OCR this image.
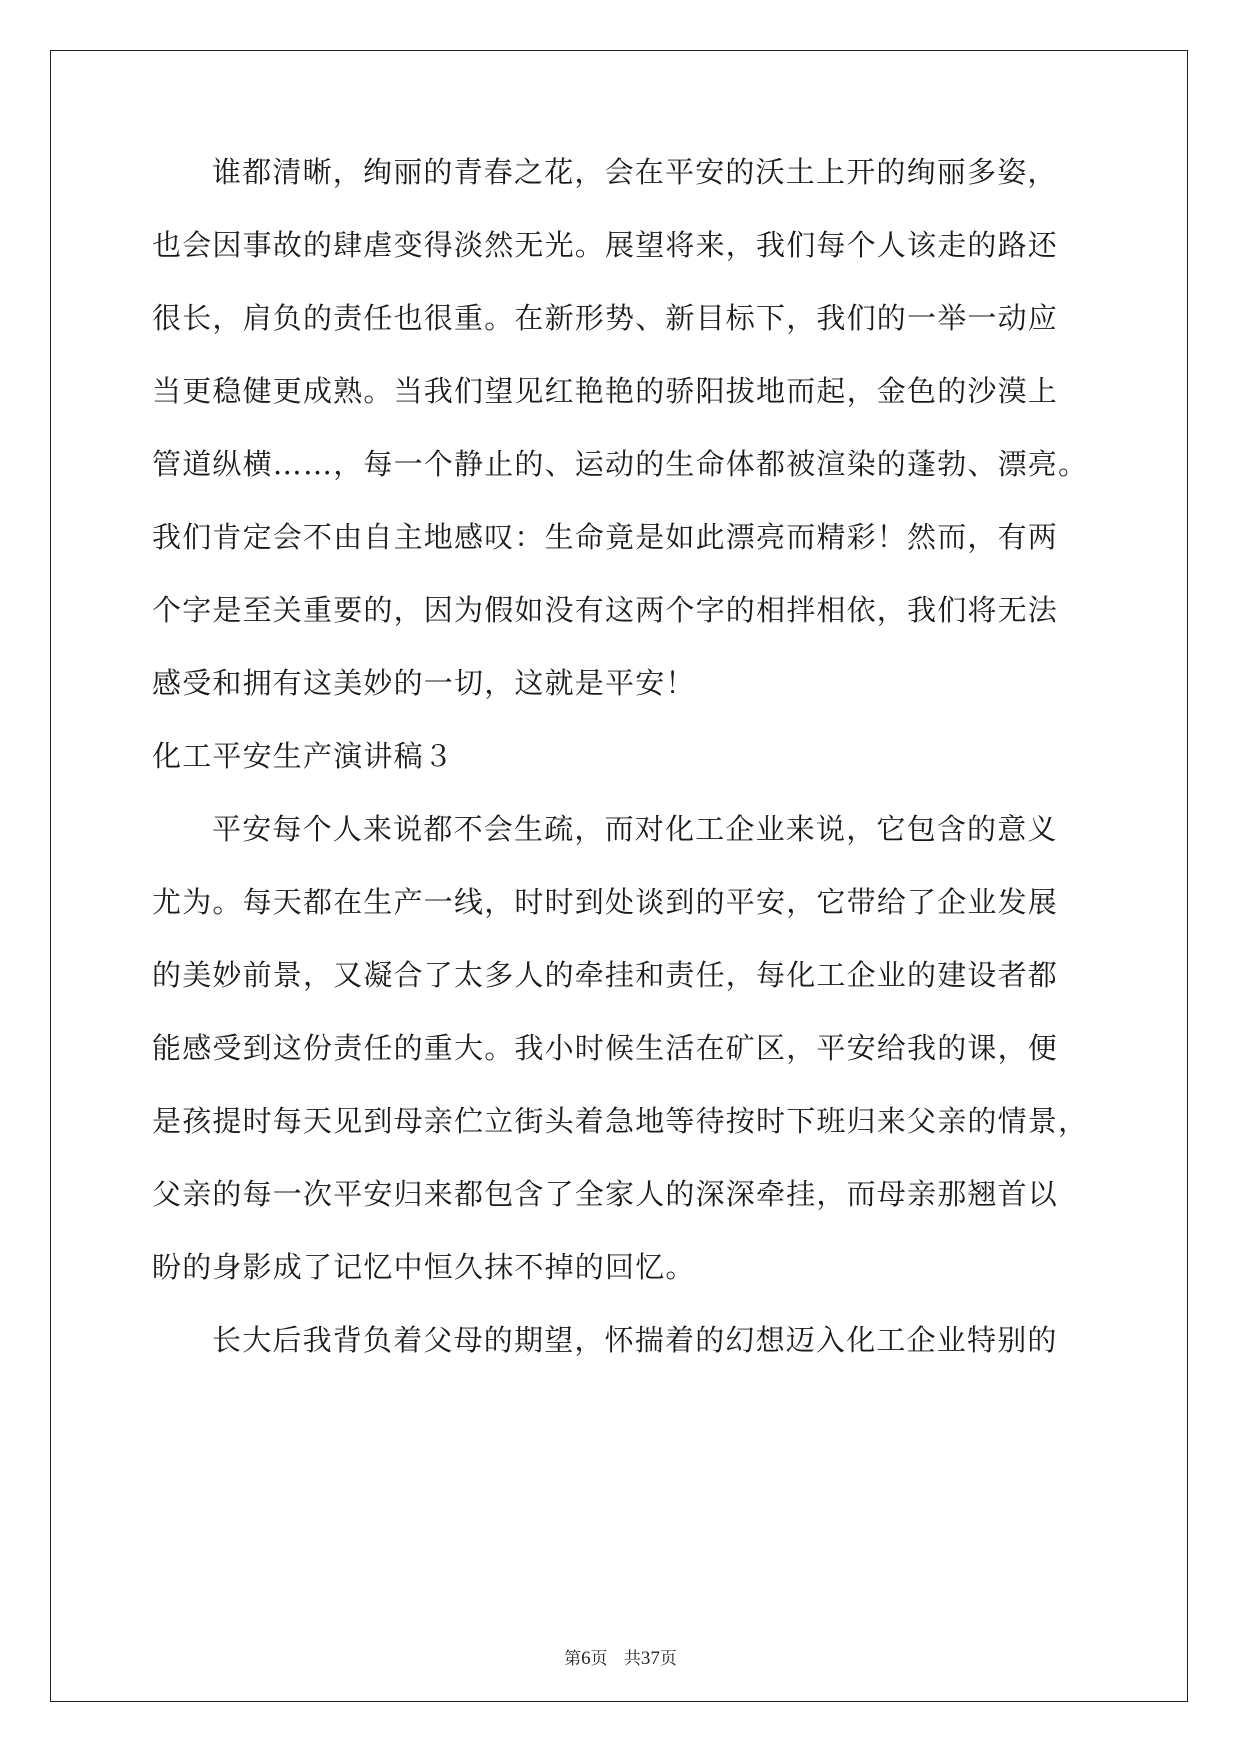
谁都清晰，绚丽的青春之花，会在平安的沃土上开的绚丽多姿，
也会因事故的肆虐变得淡然无光。展望将来，我们每个人该走的路还
很长，肩负的责任也很重。在新形势、新目标下，我们的一举一动应
当更稳健更成熟。当我们望见红艳艳的骄阳拔地而起，金色的沙漠上
管道纵横……，每一个静止的、运动的生命体都被渲染的蓬勃、漂亮。
我们肯定会不由自主地感叹：生命竟是如此漂亮而精彩！然而，有两
个字是至关重要的，因为假如没有这两个字的相拌相依，我们将无法
感受和拥有这美妙的一切，这就是平安！
化工平安生产演讲稿３
平安每个人来说都不会生疏，而对化工企业来说，它包含的意义
尤为。每天都在生产一线，时时到处谈到的平安，它带给了企业发展
的美妙前景，又凝合了太多人的牵挂和责任，每化工企业的建设者都
能感受到这份责任的重大。我小时候生活在矿区，平安给我的课，便
是孩提时每天见到母亲伫立街头着急地等待按时下班归来父亲的情景，
父亲的每一次平安归来都包含了全家人的深深牵挂，而母亲那翘首以
盼的身影成了记忆中恒久抹不掉的回忆。
长大后我背负着父母的期望，怀揣着的幻想迈入化工企业特别的
第6页 共37页
